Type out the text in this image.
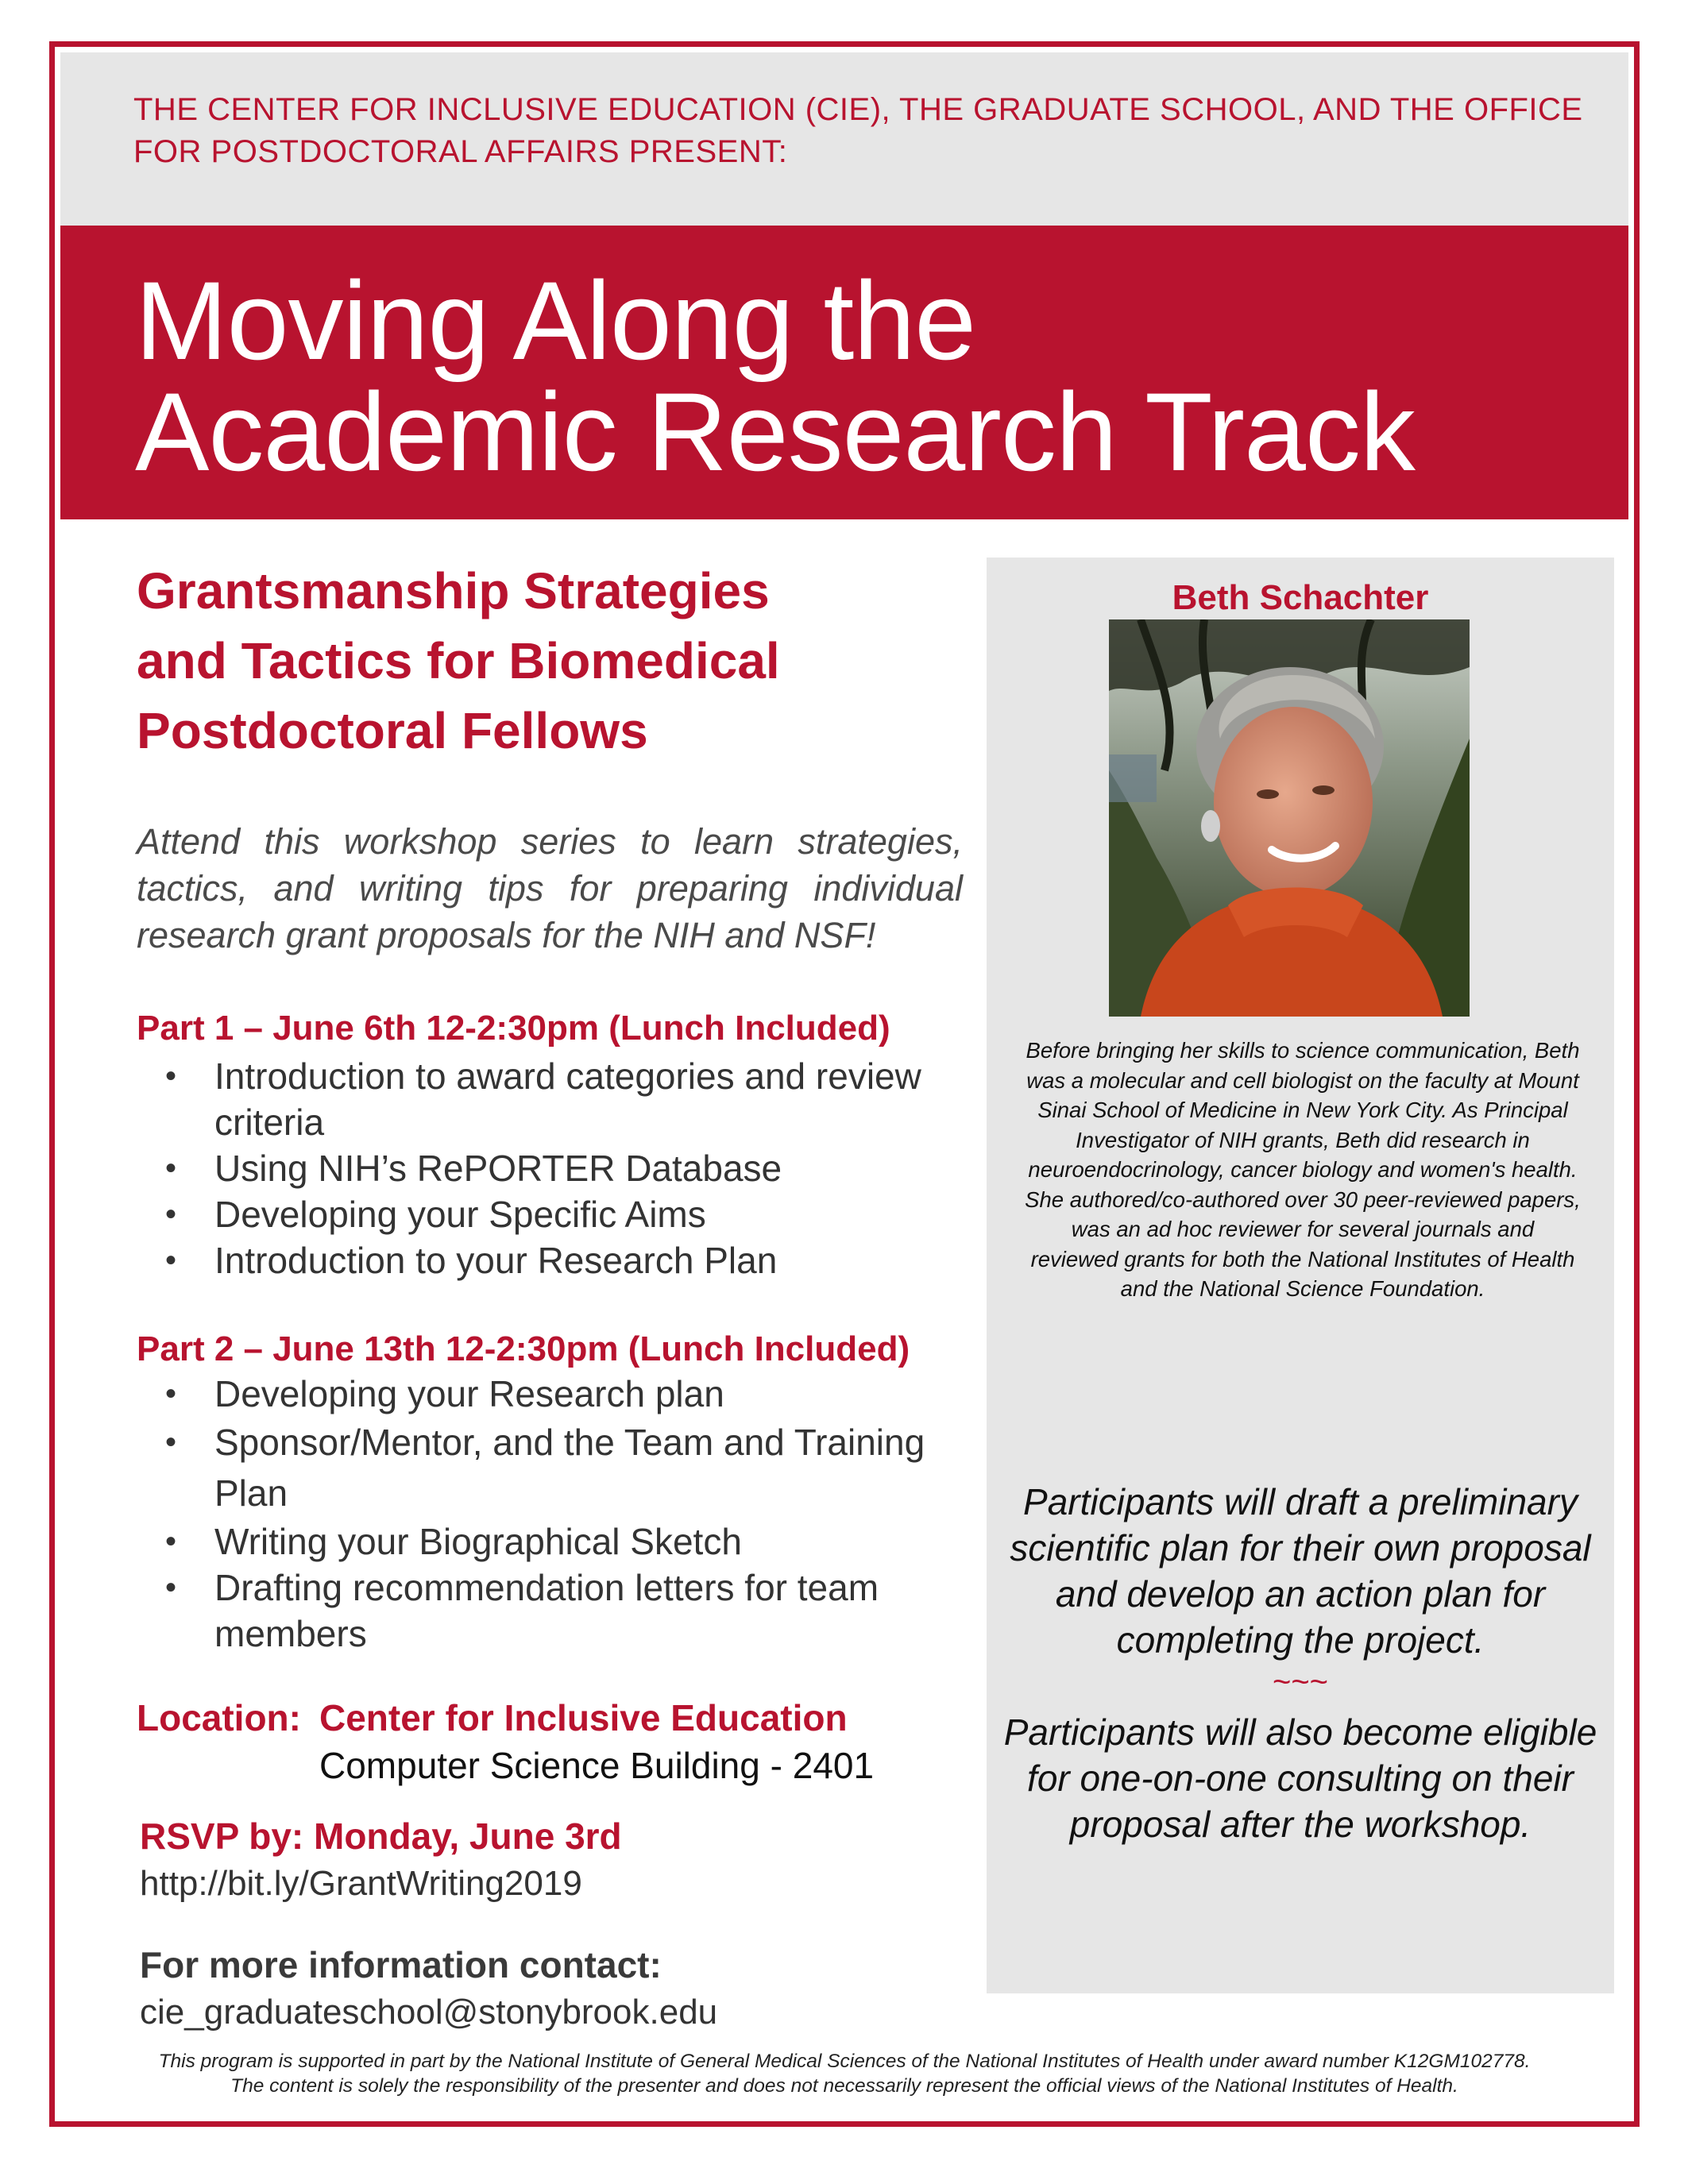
THE CENTER FOR INCLUSIVE EDUCATION (CIE), THE GRADUATE SCHOOL, AND THE OFFICE FOR POSTDOCTORAL AFFAIRS PRESENT:
Moving Along the
Academic Research Track
Grantsmanship Strategies
and Tactics for Biomedical
Postdoctoral Fellows
Attend this workshop series to learn strategies, tactics, and writing tips for preparing individual research grant proposals for the NIH and NSF!
Part 1 – June 6th 12-2:30pm (Lunch Included)
• Introduction to award categories and review criteria
• Using NIH’s RePORTER Database
• Developing your Specific Aims
• Introduction to your Research Plan
Part 2 – June 13th 12-2:30pm (Lunch Included)
• Developing your Research plan
• Sponsor/Mentor, and the Team and Training Plan
• Writing your Biographical Sketch
• Drafting recommendation letters for team members
Location: Center for Inclusive Education
Computer Science Building - 2401
RSVP by: Monday, June 3rd
http://bit.ly/GrantWriting2019
For more information contact:
cie_graduateschool@stonybrook.edu
Beth Schachter
Before bringing her skills to science communication, Beth was a molecular and cell biologist on the faculty at Mount Sinai School of Medicine in New York City. As Principal Investigator of NIH grants, Beth did research in neuroendocrinology, cancer biology and women's health. She authored/co-authored over 30 peer-reviewed papers, was an ad hoc reviewer for several journals and reviewed grants for both the National Institutes of Health and the National Science Foundation.
Participants will draft a preliminary scientific plan for their own proposal and develop an action plan for completing the project.
~~~
Participants will also become eligible for one-on-one consulting on their proposal after the workshop.
This program is supported in part by the National Institute of General Medical Sciences of the National Institutes of Health under award number K12GM102778.
The content is solely the responsibility of the presenter and does not necessarily represent the official views of the National Institutes of Health.
